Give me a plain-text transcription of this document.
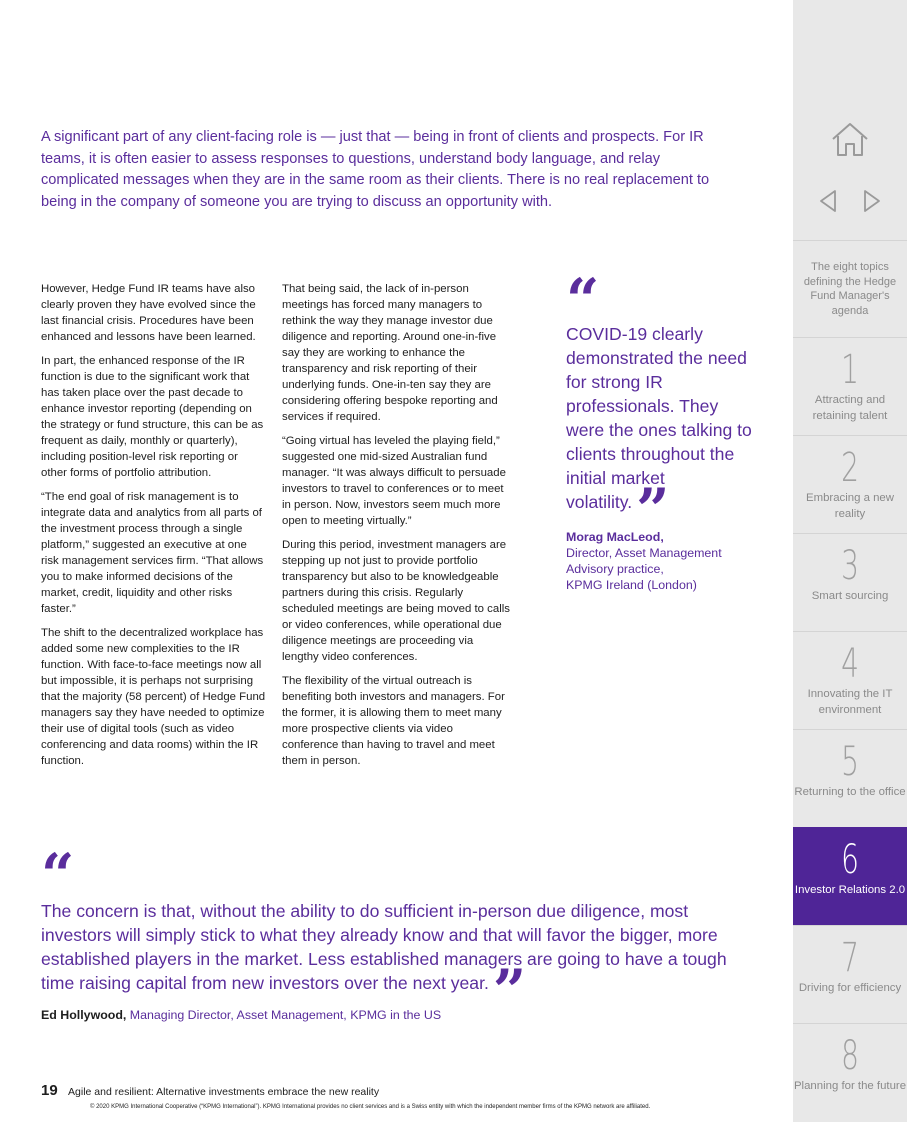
A significant part of any client-facing role is — just that — being in front of clients and prospects. For IR teams, it is often easier to assess responses to questions, understand body language, and relay complicated messages when they are in the same room as their clients. There is no real replacement to being in the company of someone you are trying to discuss an opportunity with.

However, Hedge Fund IR teams have also clearly proven they have evolved since the last financial crisis. Procedures have been enhanced and lessons have been learned.

In part, the enhanced response of the IR function is due to the significant work that has taken place over the past decade to enhance investor reporting (depending on the strategy or fund structure, this can be as frequent as daily, monthly or quarterly), including position-level risk reporting or other forms of portfolio attribution.

“The end goal of risk management is to integrate data and analytics from all parts of the investment process through a single platform,” suggested an executive at one risk management services firm. “That allows you to make informed decisions of the market, credit, liquidity and other risks faster.”

The shift to the decentralized workplace has added some new complexities to the IR function. With face-to-face meetings now all but impossible, it is perhaps not surprising that the majority (58 percent) of Hedge Fund managers say they have needed to optimize their use of digital tools (such as video conferencing and data rooms) within the IR function.

That being said, the lack of in-person meetings has forced many managers to rethink the way they manage investor due diligence and reporting. Around one-in-five say they are working to enhance the transparency and risk reporting of their underlying funds. One-in-ten say they are considering offering bespoke reporting and services if required.

“Going virtual has leveled the playing field,” suggested one mid-sized Australian fund manager. “It was always difficult to persuade investors to travel to conferences or to meet in person. Now, investors seem much more open to meeting virtually.”

During this period, investment managers are stepping up not just to provide portfolio transparency but also to be knowledgeable partners during this crisis. Regularly scheduled meetings are being moved to calls or video conferences, while operational due diligence meetings are proceeding via lengthy video conferences.

The flexibility of the virtual outreach is benefiting both investors and managers. For the former, it is allowing them to meet many more prospective clients via video conference than having to travel and meet them in person.

“
COVID-19 clearly demonstrated the need for strong IR professionals. They were the ones talking to clients throughout the initial market volatility.”
Morag MacLeod,
Director, Asset Management
Advisory practice,
KPMG Ireland (London)
“
The concern is that, without the ability to do sufficient in-person due diligence, most investors will simply stick to what they already know and that will favor the bigger, more established players in the market. Less established managers are going to have a tough time raising capital from new investors over the next year.”
Ed Hollywood, Managing Director, Asset Management, KPMG in the US
19 Agile and resilient: Alternative investments embrace the new reality
© 2020 KPMG International Cooperative (“KPMG International”). KPMG International provides no client services and is a Swiss entity with which the independent member firms of the KPMG network are affiliated.
The eight topics defining the Hedge Fund Manager's agenda
1
Attracting and retaining talent
2
Embracing a new reality
3
Smart sourcing
4
Innovating the IT environment
5
Returning to the office
6
Investor Relations 2.0
7
Driving for efficiency
8
Planning for the future
